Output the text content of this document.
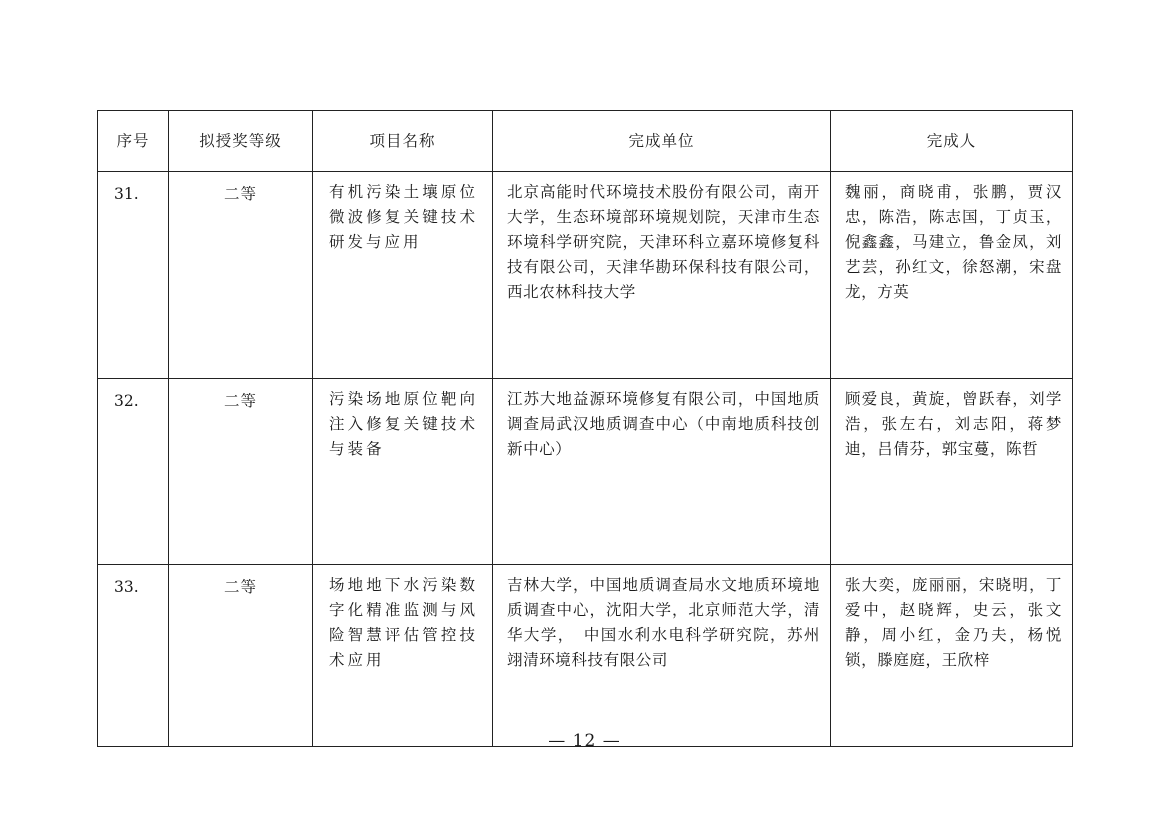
序号	拟授奖等级	项目名称	完成单位	完成人
31.	二等	有机污染土壤原位微波修复关键技术研发与应用	北京高能时代环境技术股份有限公司，南开大学，生态环境部环境规划院，天津市生态环境科学研究院，天津环科立嘉环境修复科技有限公司，天津华勘环保科技有限公司，西北农林科技大学	魏丽，商晓甫，张鹏，贾汉忠，陈浩，陈志国，丁贞玉，倪鑫鑫，马建立，鲁金凤，刘艺芸，孙红文，徐怒潮，宋盘龙，方英
32.	二等	污染场地原位靶向注入修复关键技术与装备	江苏大地益源环境修复有限公司，中国地质调查局武汉地质调查中心（中南地质科技创新中心）	顾爱良，黄旋，曾跃春，刘学浩，张左右，刘志阳，蒋梦迪，吕倩芬，郭宝蔓，陈哲
33.	二等	场地地下水污染数字化精准监测与风险智慧评估管控技术应用	吉林大学，中国地质调查局水文地质环境地质调查中心，沈阳大学，北京师范大学，清华大学，　中国水利水电科学研究院，苏州翊清环境科技有限公司	张大奕，庞丽丽，宋晓明，丁爱中，赵晓辉，史云，张文静，周小红，金乃夫，杨悦锁，滕庭庭，王欣梓
— 12 —
